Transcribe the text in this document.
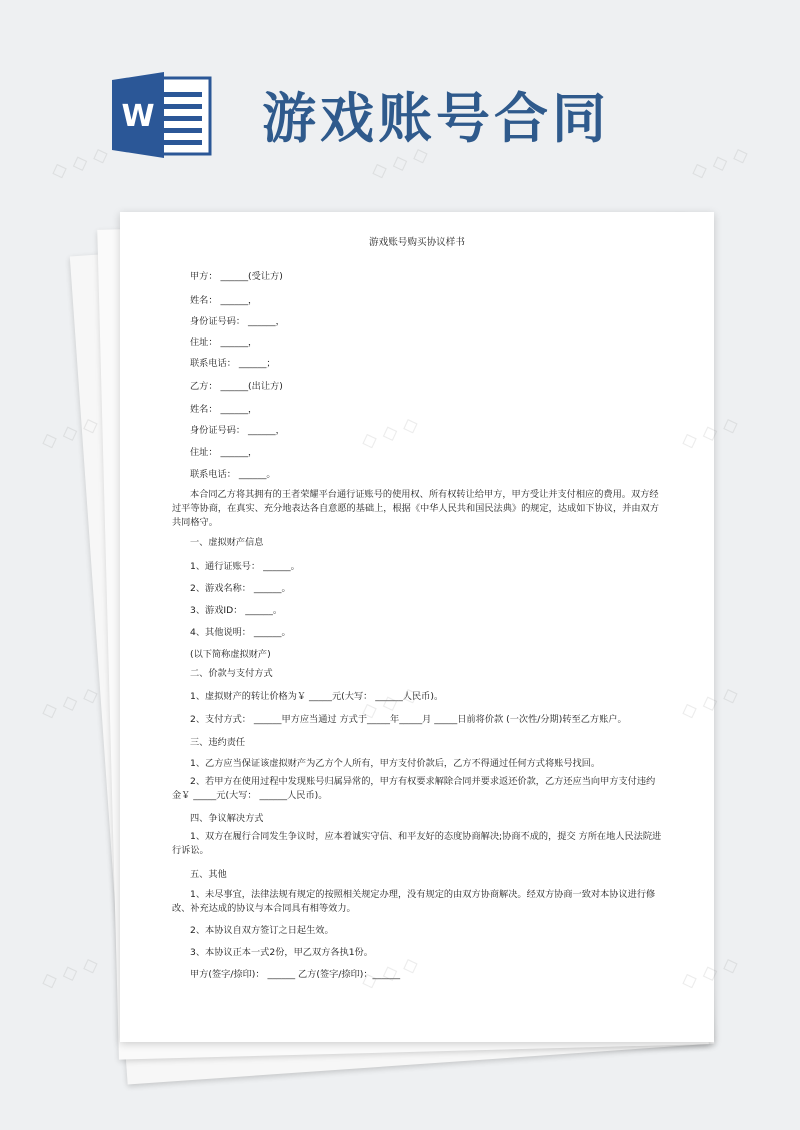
W 游戏账号合同
游戏账号购买协议样书
甲方： ______(受让方)
姓名： ______，
身份证号码： ______，
住址： ______，
联系电话： ______；
乙方： ______(出让方)
姓名： ______，
身份证号码： ______，
住址： ______，
联系电话： ______。
本合同乙方将其拥有的王者荣耀平台通行证账号的使用权、所有权转让给甲方，甲方受让并支付相应的费用。双方经过平等协商，在真实、充分地表达各自意愿的基础上，根据《中华人民共和国民法典》的规定，达成如下协议，并由双方共同格守。
一、虚拟财产信息
1、通行证账号： ______。
2、游戏名称： ______。
3、游戏ID： ______。
4、其他说明： ______。
(以下简称虚拟财产)
二、价款与支付方式
1、虚拟财产的转让价格为￥ _____元(大写： ______人民币)。
2、支付方式： ______甲方应当通过 方式于_____年_____月 _____日前将价款 (一次性/分期)转至乙方账户。
三、违约责任
1、乙方应当保证该虚拟财产为乙方个人所有，甲方支付价款后，乙方不得通过任何方式将账号找回。
2、若甲方在使用过程中发现账号归属异常的，甲方有权要求解除合同并要求返还价款，乙方还应当向甲方支付违约金￥ _____元(大写： ______人民币)。
四、争议解决方式
1、双方在履行合同发生争议时，应本着诚实守信、和平友好的态度协商解决;协商不成的，提交 方所在地人民法院进行诉讼。
五、其他
1、未尽事宜，法律法规有规定的按照相关规定办理，没有规定的由双方协商解决。经双方协商一致对本协议进行修改、补充达成的协议与本合同具有相等效力。
2、本协议自双方签订之日起生效。
3、本协议正本一式2份，甲乙双方各执1份。
甲方(签字/捺印)： ______ 乙方(签字/捺印)：______
◇ ◇ ◇	◇ ◇ ◇	◇ ◇ ◇
◇ ◇ ◇	◇
◇ ◇ ◇	◇
◇ ◇ ◇	◇
